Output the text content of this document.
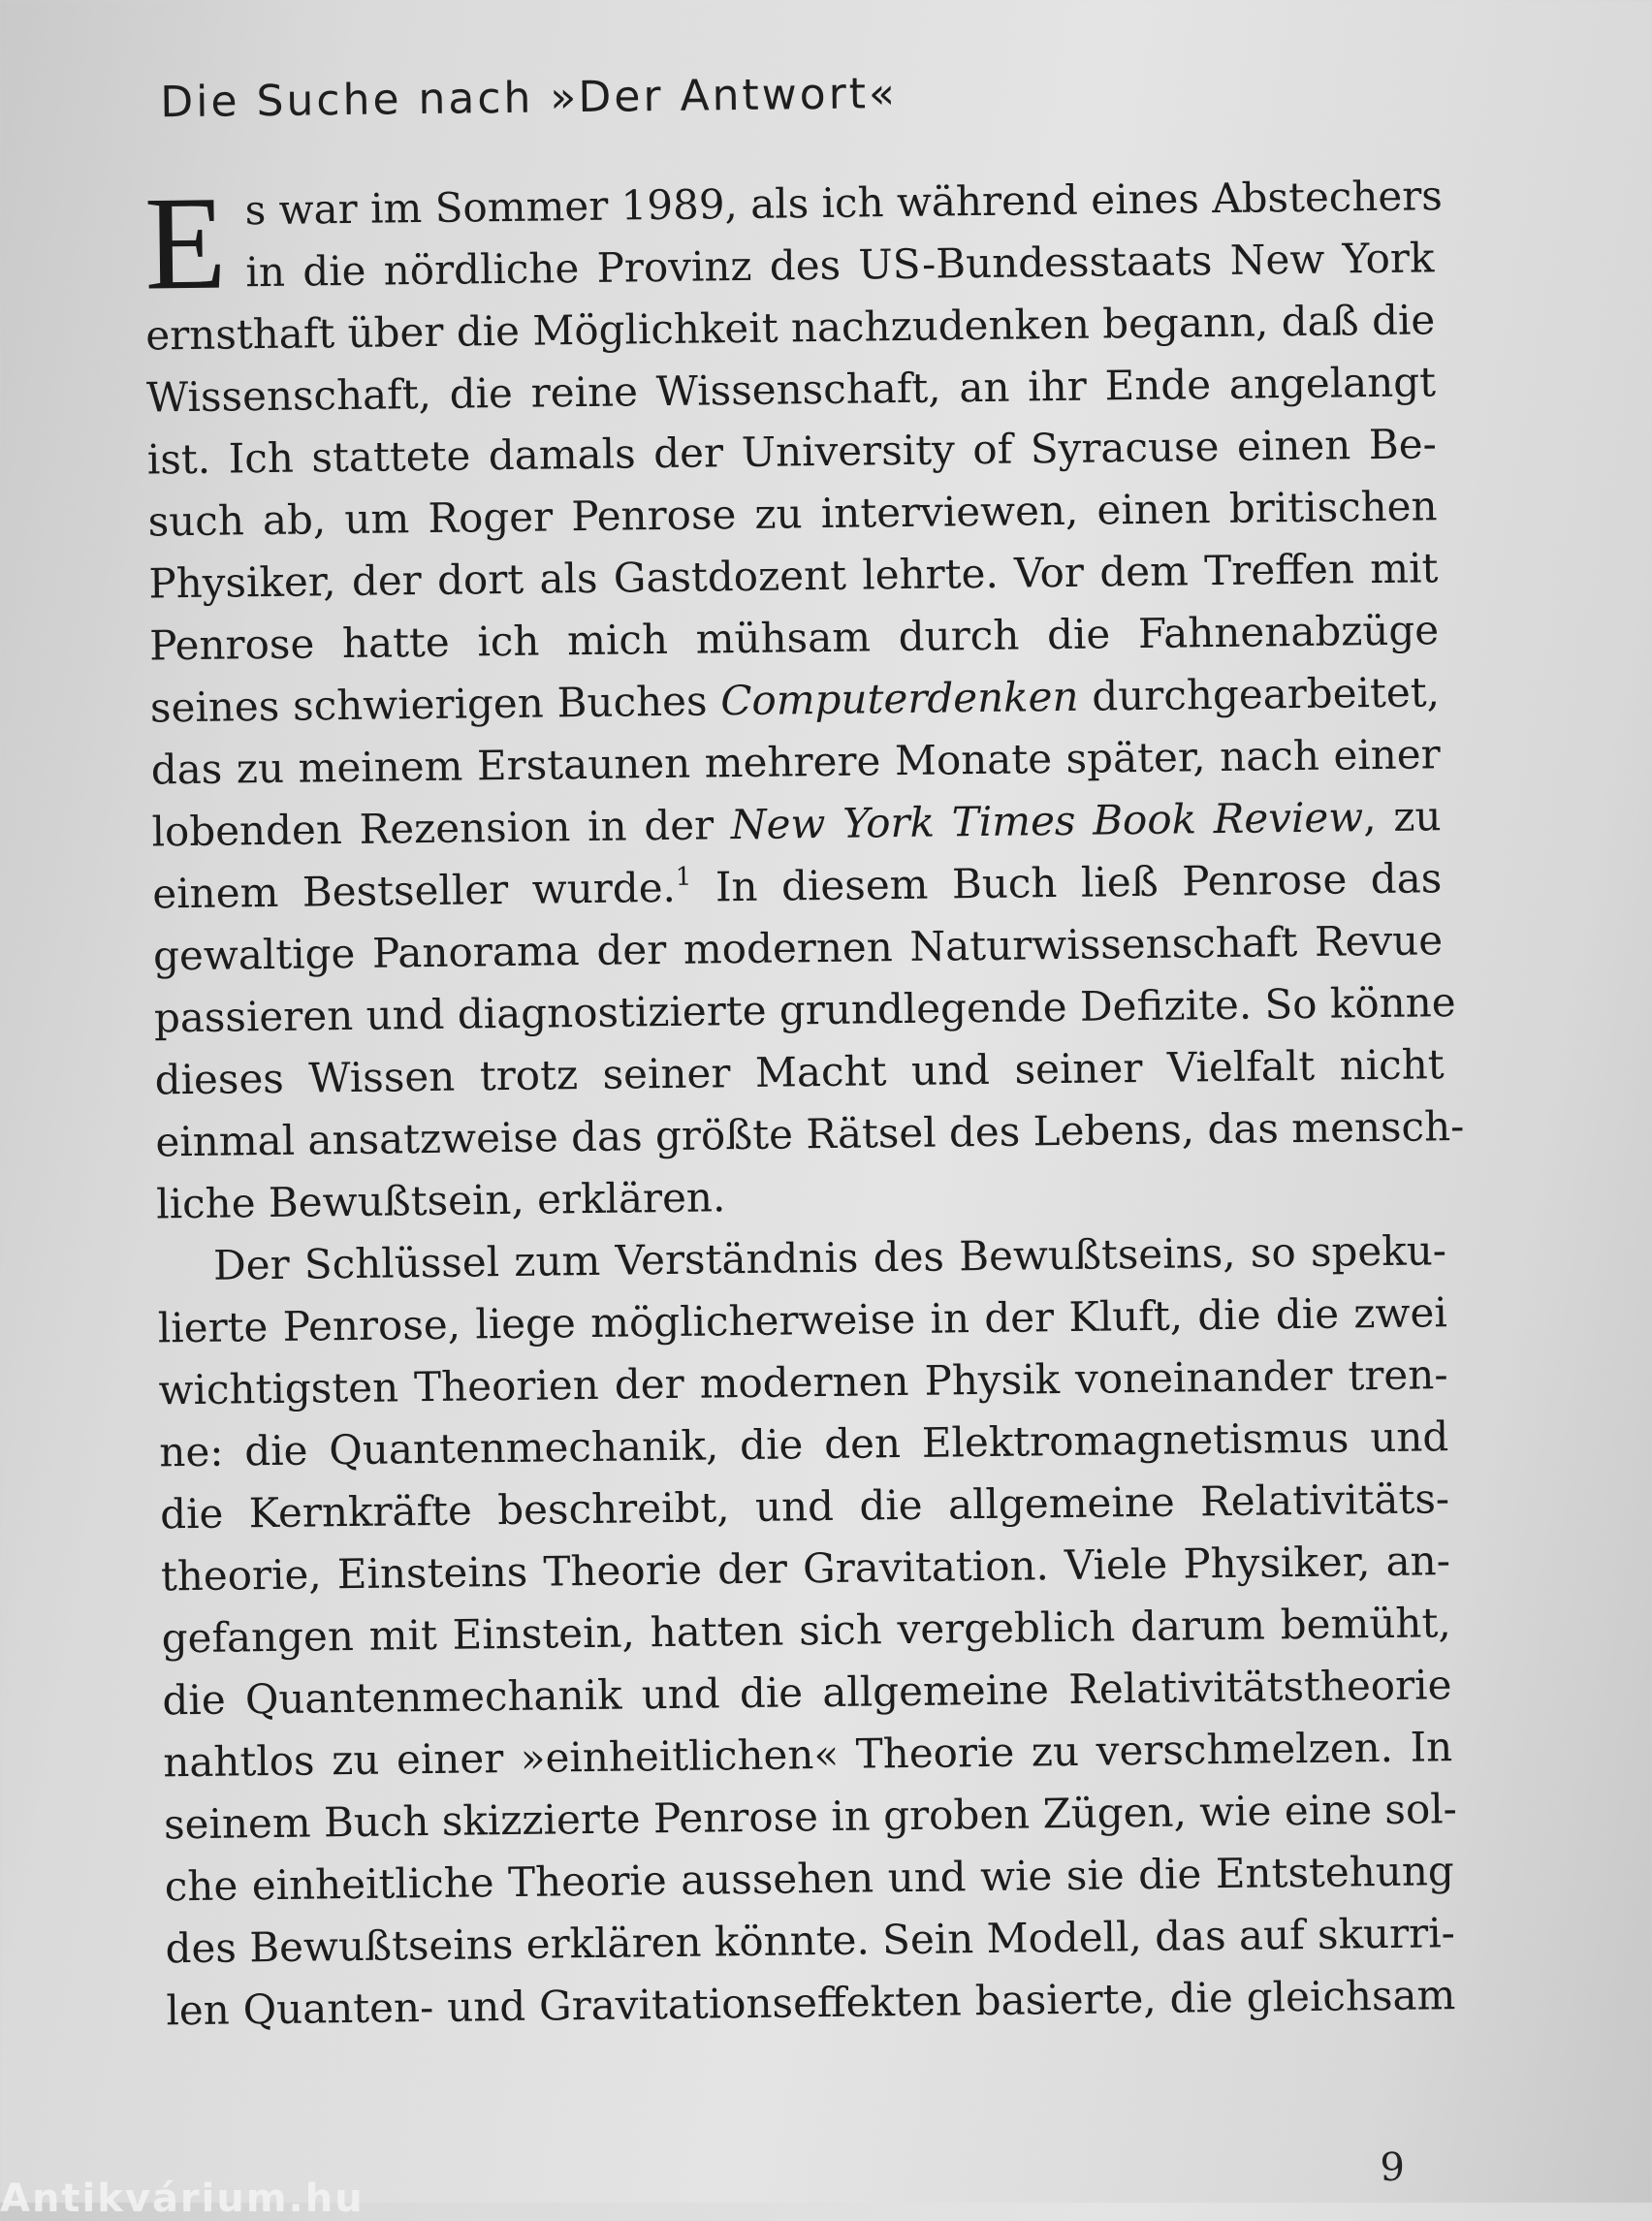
Die Suche nach »Der Antwort«
E s war im Sommer 1989, als ich während eines Abstechers
in die nördliche Provinz des US-Bundesstaats New York
ernsthaft über die Möglichkeit nachzudenken begann, daß die
Wissenschaft, die reine Wissenschaft, an ihr Ende angelangt
ist. Ich stattete damals der University of Syracuse einen Be-
such ab, um Roger Penrose zu interviewen, einen britischen
Physiker, der dort als Gastdozent lehrte. Vor dem Treffen mit
Penrose hatte ich mich mühsam durch die Fahnenabzüge
seines schwierigen Buches Computerdenken durchgearbeitet,
das zu meinem Erstaunen mehrere Monate später, nach einer
lobenden Rezension in der New York Times Book Review, zu
einem Bestseller wurde.$^1$ In diesem Buch ließ Penrose das
gewaltige Panorama der modernen Naturwissenschaft Revue
passieren und diagnostizierte grundlegende Defizite. So könne
dieses Wissen trotz seiner Macht und seiner Vielfalt nicht
einmal ansatzweise das größte Rätsel des Lebens, das mensch-
liche Bewußtsein, erklären.
Der Schlüssel zum Verständnis des Bewußtseins, so speku-
lierte Penrose, liege möglicherweise in der Kluft, die die zwei
wichtigsten Theorien der modernen Physik voneinander tren-
ne: die Quantenmechanik, die den Elektromagnetismus und
die Kernkräfte beschreibt, und die allgemeine Relativitäts-
theorie, Einsteins Theorie der Gravitation. Viele Physiker, an-
gefangen mit Einstein, hatten sich vergeblich darum bemüht,
die Quantenmechanik und die allgemeine Relativitätstheorie
nahtlos zu einer »einheitlichen« Theorie zu verschmelzen. In
seinem Buch skizzierte Penrose in groben Zügen, wie eine sol-
che einheitliche Theorie aussehen und wie sie die Entstehung
des Bewußtseins erklären könnte. Sein Modell, das auf skurri-
len Quanten- und Gravitationseffekten basierte, die gleichsam
9
Antikvárium.hu
